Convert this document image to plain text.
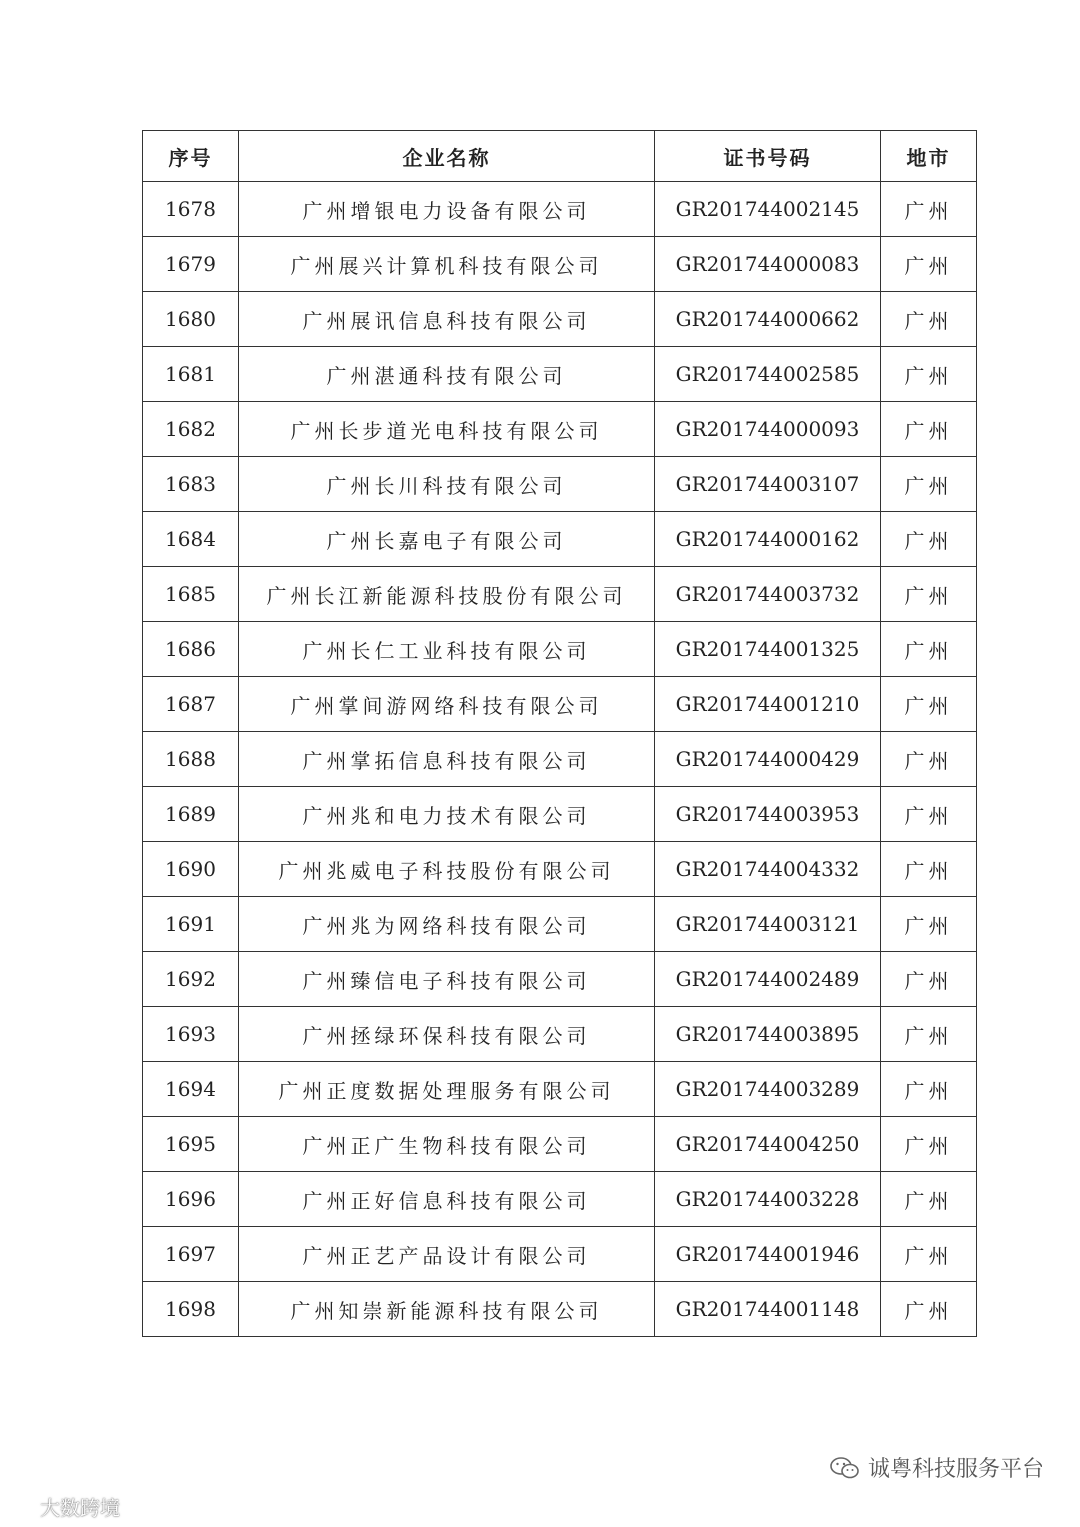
序号	企业名称	证书号码	地市
1678	广州增银电力设备有限公司	GR201744002145	广州
1679	广州展兴计算机科技有限公司	GR201744000083	广州
1680	广州展讯信息科技有限公司	GR201744000662	广州
1681	广州湛通科技有限公司	GR201744002585	广州
1682	广州长步道光电科技有限公司	GR201744000093	广州
1683	广州长川科技有限公司	GR201744003107	广州
1684	广州长嘉电子有限公司	GR201744000162	广州
1685	广州长江新能源科技股份有限公司	GR201744003732	广州
1686	广州长仁工业科技有限公司	GR201744001325	广州
1687	广州掌间游网络科技有限公司	GR201744001210	广州
1688	广州掌拓信息科技有限公司	GR201744000429	广州
1689	广州兆和电力技术有限公司	GR201744003953	广州
1690	广州兆威电子科技股份有限公司	GR201744004332	广州
1691	广州兆为网络科技有限公司	GR201744003121	广州
1692	广州臻信电子科技有限公司	GR201744002489	广州
1693	广州拯绿环保科技有限公司	GR201744003895	广州
1694	广州正度数据处理服务有限公司	GR201744003289	广州
1695	广州正广生物科技有限公司	GR201744004250	广州
1696	广州正好信息科技有限公司	GR201744003228	广州
1697	广州正艺产品设计有限公司	GR201744001946	广州
1698	广州知崇新能源科技有限公司	GR201744001148	广州
诚粤科技服务平台
大数跨境
